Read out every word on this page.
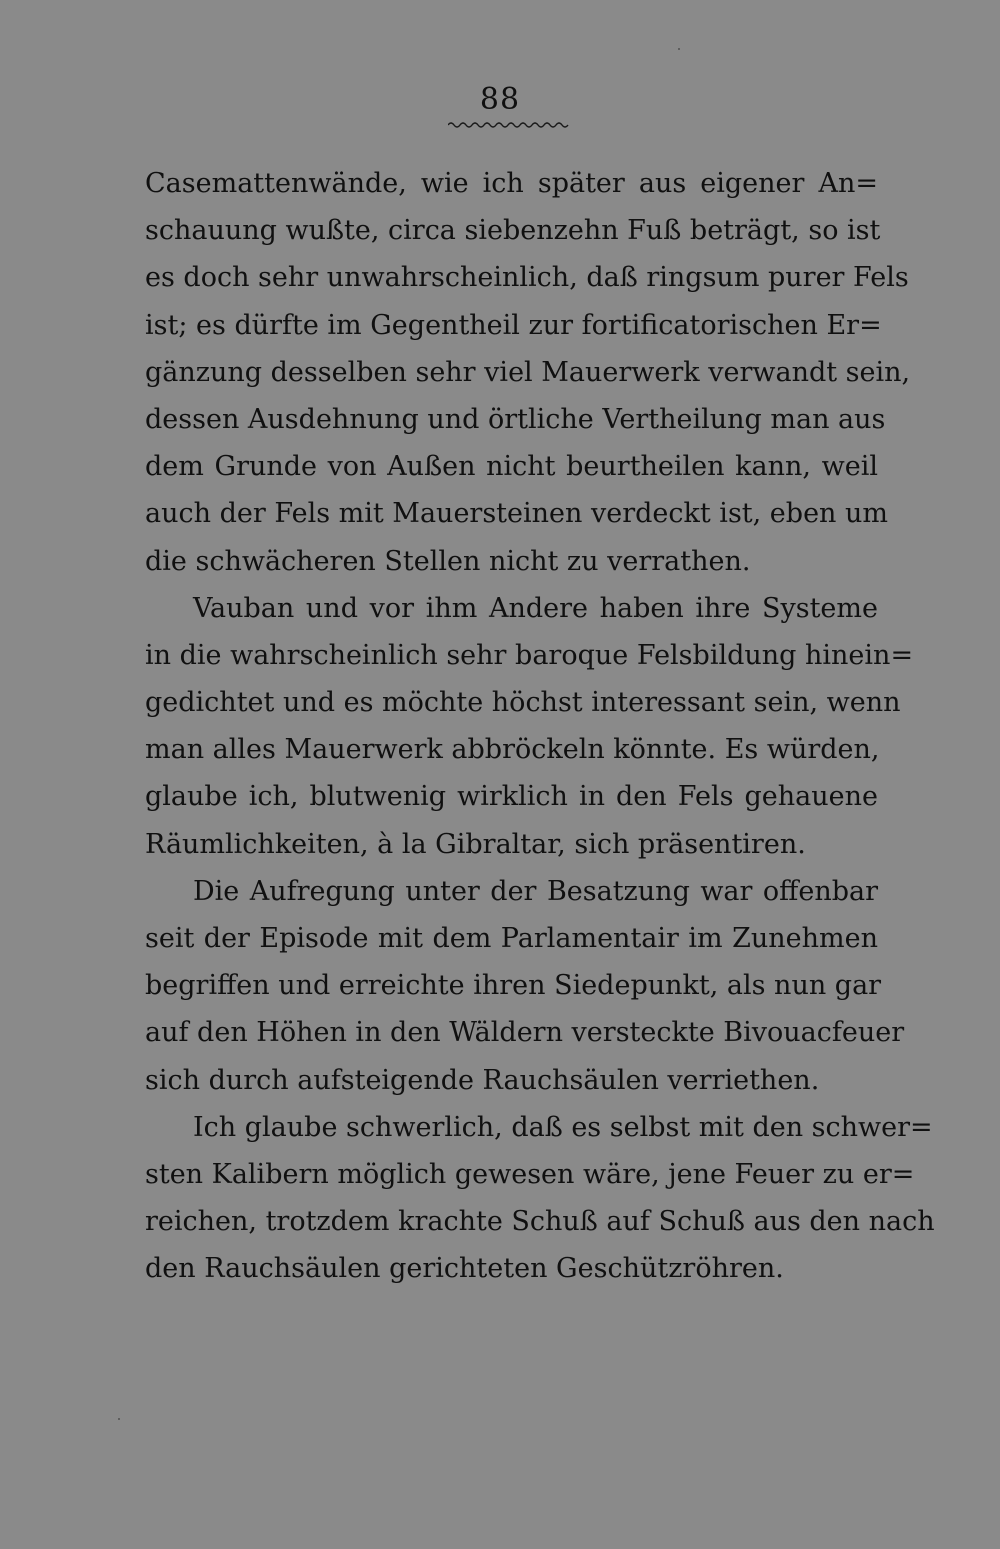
88
Casemattenwände, wie ich später aus eigener An=
schauung wußte, circa siebenzehn Fuß beträgt, so ist
es doch sehr unwahrscheinlich, daß ringsum purer Fels
ist; es dürfte im Gegentheil zur fortificatorischen Er=
gänzung desselben sehr viel Mauerwerk verwandt sein,
dessen Ausdehnung und örtliche Vertheilung man aus
dem Grunde von Außen nicht beurtheilen kann, weil
auch der Fels mit Mauersteinen verdeckt ist, eben um
die schwächeren Stellen nicht zu verrathen.
Vauban und vor ihm Andere haben ihre Systeme
in die wahrscheinlich sehr baroque Felsbildung hinein=
gedichtet und es möchte höchst interessant sein, wenn
man alles Mauerwerk abbröckeln könnte. Es würden,
glaube ich, blutwenig wirklich in den Fels gehauene
Räumlichkeiten, à la Gibraltar, sich präsentiren.
Die Aufregung unter der Besatzung war offenbar
seit der Episode mit dem Parlamentair im Zunehmen
begriffen und erreichte ihren Siedepunkt, als nun gar
auf den Höhen in den Wäldern versteckte Bivouacfeuer
sich durch aufsteigende Rauchsäulen verriethen.
Ich glaube schwerlich, daß es selbst mit den schwer=
sten Kalibern möglich gewesen wäre, jene Feuer zu er=
reichen, trotzdem krachte Schuß auf Schuß aus den nach
den Rauchsäulen gerichteten Geschützröhren.
